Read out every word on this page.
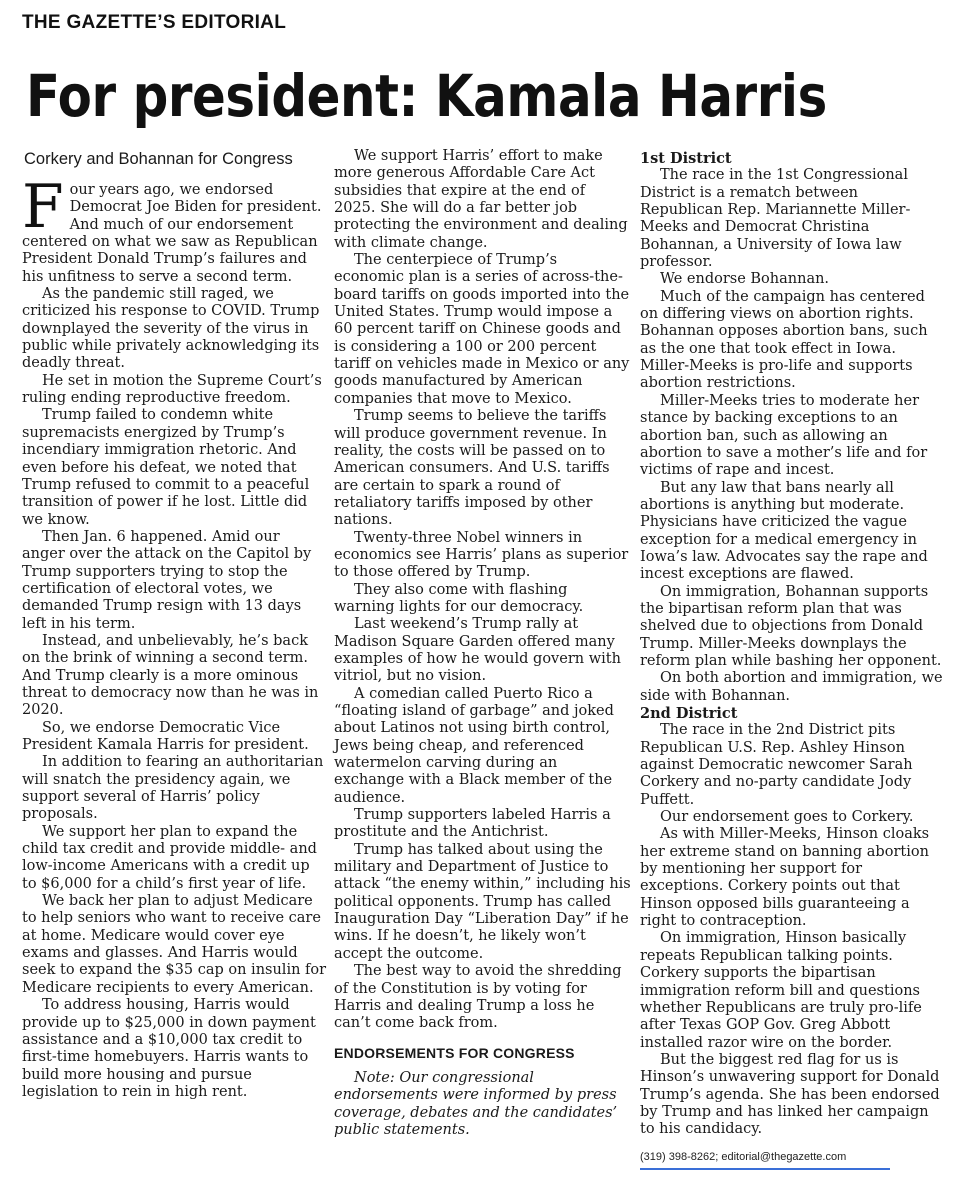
THE GAZETTE’S EDITORIAL
For president: Kamala Harris
Corkery and Bohannan for Congress

Four years ago, we endorsed Democrat Joe Biden for president. And much of our endorsement centered on what we saw as Republican President Donald Trump’s failures and his unfitness to serve a second term.

As the pandemic still raged, we criticized his response to COVID. Trump downplayed the severity of the virus in public while privately acknowledging its deadly threat.

He set in motion the Supreme Court’s ruling ending reproductive freedom.

Trump failed to condemn white supremacists energized by Trump’s incendiary immigration rhetoric. And even before his defeat, we noted that Trump refused to commit to a peaceful transition of power if he lost. Little did we know.

Then Jan. 6 happened. Amid our anger over the attack on the Capitol by Trump supporters trying to stop the certification of electoral votes, we demanded Trump resign with 13 days left in his term.

Instead, and unbelievably, he’s back on the brink of winning a second term. And Trump clearly is a more ominous threat to democracy now than he was in 2020.

So, we endorse Democratic Vice President Kamala Harris for president.

In addition to fearing an authoritarian will snatch the presidency again, we support several of Harris’ policy proposals.

We support her plan to expand the child tax credit and provide middle- and low-income Americans with a credit up to $6,000 for a child’s first year of life.

We back her plan to adjust Medicare to help seniors who want to receive care at home. Medicare would cover eye exams and glasses. And Harris would seek to expand the $35 cap on insulin for Medicare recipients to every American.

To address housing, Harris would provide up to $25,000 in down payment assistance and a $10,000 tax credit to first-time homebuyers. Harris wants to build more housing and pursue legislation to rein in high rent.

We support Harris’ effort to make more generous Affordable Care Act subsidies that expire at the end of 2025. She will do a far better job protecting the environment and dealing with climate change.

The centerpiece of Trump’s economic plan is a series of across-the-board tariffs on goods imported into the United States. Trump would impose a 60 percent tariff on Chinese goods and is considering a 100 or 200 percent tariff on vehicles made in Mexico or any goods manufactured by American companies that move to Mexico.

Trump seems to believe the tariffs will produce government revenue. In reality, the costs will be passed on to American consumers. And U.S. tariffs are certain to spark a round of retaliatory tariffs imposed by other nations.

Twenty-three Nobel winners in economics see Harris’ plans as superior to those offered by Trump.

They also come with flashing warning lights for our democracy.

Last weekend’s Trump rally at Madison Square Garden offered many examples of how he would govern with vitriol, but no vision.

A comedian called Puerto Rico a “floating island of garbage” and joked about Latinos not using birth control, Jews being cheap, and referenced watermelon carving during an exchange with a Black member of the audience.

Trump supporters labeled Harris a prostitute and the Antichrist.

Trump has talked about using the military and Department of Justice to attack “the enemy within,” including his political opponents. Trump has called Inauguration Day “Liberation Day” if he wins. If he doesn’t, he likely won’t accept the outcome.

The best way to avoid the shredding of the Constitution is by voting for Harris and dealing Trump a loss he can’t come back from.

ENDORSEMENTS FOR CONGRESS

Note: Our congressional endorsements were informed by press coverage, debates and the candidates’ public statements.

1st District

The race in the 1st Congressional District is a rematch between Republican Rep. Mariannette Miller-Meeks and Democrat Christina Bohannan, a University of Iowa law professor.

We endorse Bohannan.

Much of the campaign has centered on differing views on abortion rights. Bohannan opposes abortion bans, such as the one that took effect in Iowa. Miller-Meeks is pro-life and supports abortion restrictions.

Miller-Meeks tries to moderate her stance by backing exceptions to an abortion ban, such as allowing an abortion to save a mother’s life and for victims of rape and incest.

But any law that bans nearly all abortions is anything but moderate. Physicians have criticized the vague exception for a medical emergency in Iowa’s law. Advocates say the rape and incest exceptions are flawed.

On immigration, Bohannan supports the bipartisan reform plan that was shelved due to objections from Donald Trump. Miller-Meeks downplays the reform plan while bashing her opponent.

On both abortion and immigration, we side with Bohannan.

2nd District

The race in the 2nd District pits Republican U.S. Rep. Ashley Hinson against Democratic newcomer Sarah Corkery and no-party candidate Jody Puffett.

Our endorsement goes to Corkery.

As with Miller-Meeks, Hinson cloaks her extreme stand on banning abortion by mentioning her support for exceptions. Corkery points out that Hinson opposed bills guaranteeing a right to contraception.

On immigration, Hinson basically repeats Republican talking points. Corkery supports the bipartisan immigration reform bill and questions whether Republicans are truly pro-life after Texas GOP Gov. Greg Abbott installed razor wire on the border.

But the biggest red flag for us is Hinson’s unwavering support for Donald Trump’s agenda. She has been endorsed by Trump and has linked her campaign to his candidacy.

(319) 398-8262; editorial@thegazette.com
